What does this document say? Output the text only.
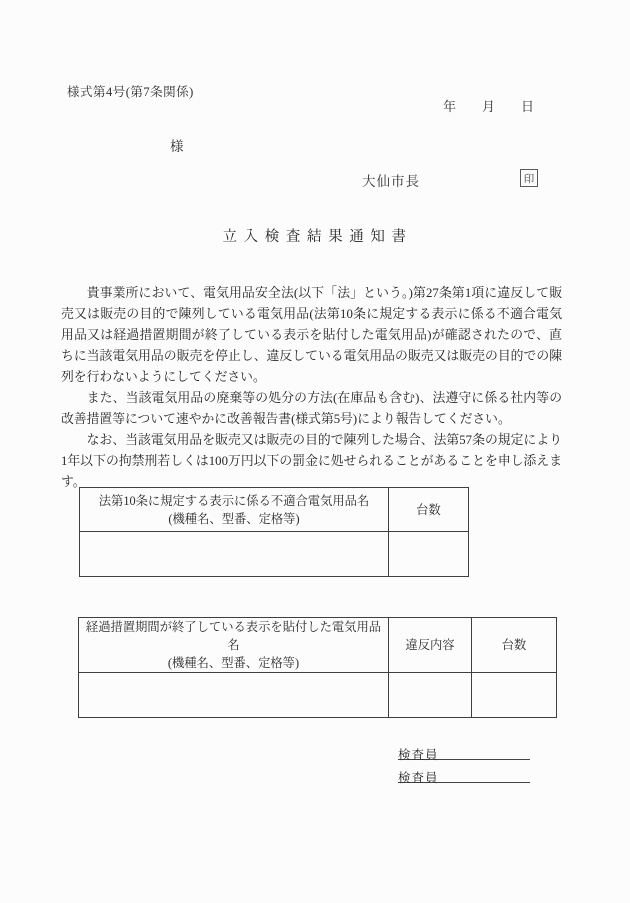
様式第4号(第7条関係)
年　　月　　日
様
大仙市長	印
立 入 検 査 結 果 通 知 書

　貴事業所において、電気用品安全法(以下「法」という。)第27条第1項に違反して販売又は販売の目的で陳列している電気用品(法第10条に規定する表示に係る不適合電気用品又は経過措置期間が終了している表示を貼付した電気用品)が確認されたので、直ちに当該電気用品の販売を停止し、違反している電気用品の販売又は販売の目的での陳列を行わないようにしてください。

　また、当該電気用品の廃棄等の処分の方法(在庫品も含む)、法遵守に係る社内等の改善措置等について速やかに改善報告書(様式第5号)により報告してください。

　なお、当該電気用品を販売又は販売の目的で陳列した場合、法第57条の規定により1年以下の拘禁刑若しくは100万円以下の罰金に処せられることがあることを申し添えます。

法第10条に規定する表示に係る不適合電気用品名
(機種名、型番、定格等)	台数

経過措置期間が終了している表示を貼付した電気用品名
(機種名、型番、定格等)	違反内容	台数

検査員
検査員
